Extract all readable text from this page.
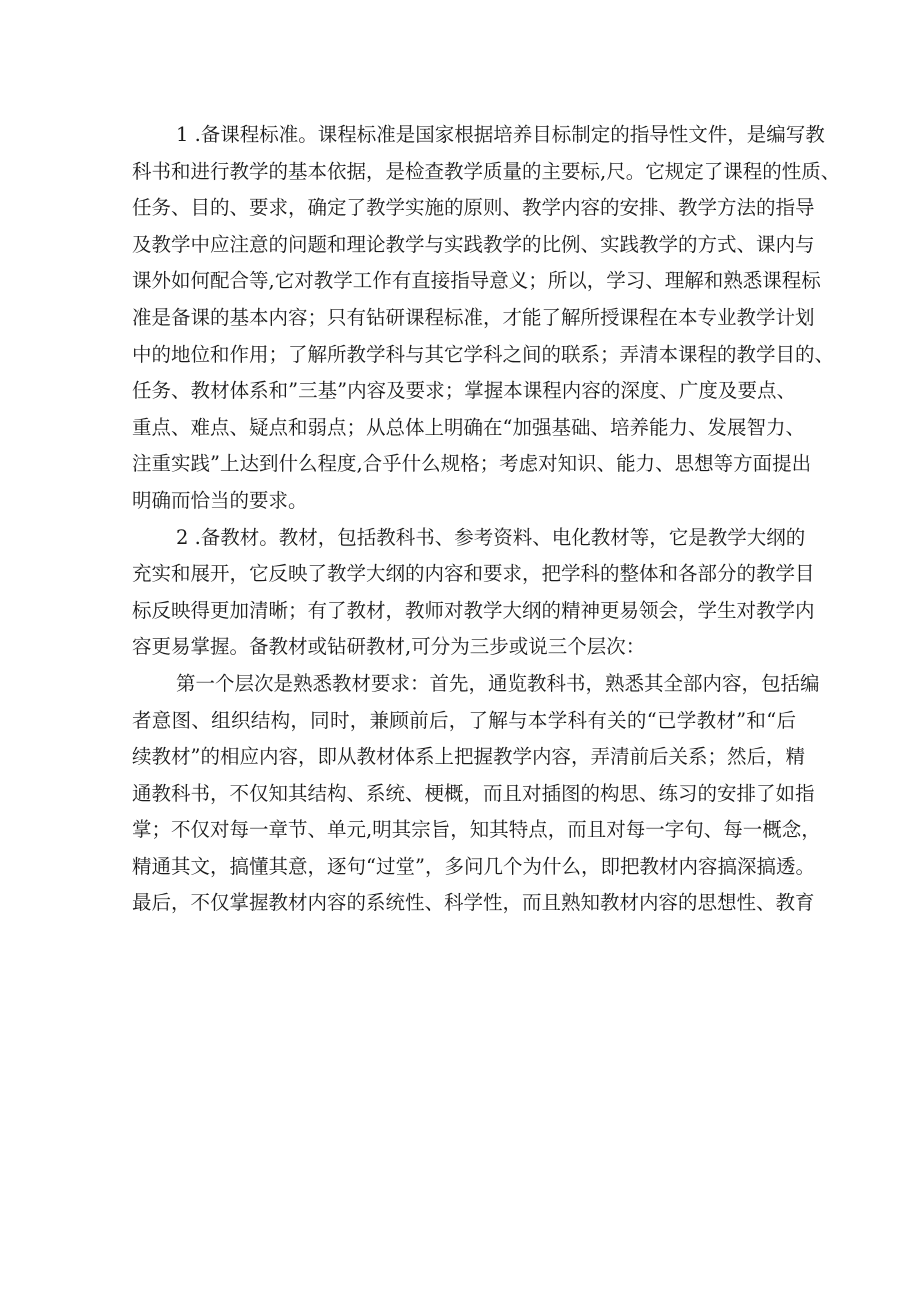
1 .备课程标准。课程标准是国家根据培养目标制定的指导性文件，是编写教
科书和进行教学的基本依据，是检查教学质量的主要标,尺。它规定了课程的性质、
任务、目的、要求，确定了教学实施的原则、教学内容的安排、教学方法的指导
及教学中应注意的问题和理论教学与实践教学的比例、实践教学的方式、课内与
课外如何配合等,它对教学工作有直接指导意义；所以，学习、理解和熟悉课程标
准是备课的基本内容；只有钻研课程标准，才能了解所授课程在本专业教学计划
中的地位和作用；了解所教学科与其它学科之间的联系；弄清本课程的教学目的、
任务、教材体系和”三基”内容及要求；掌握本课程内容的深度、广度及要点、
重点、难点、疑点和弱点；从总体上明确在“加强基础、培养能力、发展智力、
注重实践”上达到什么程度,合乎什么规格；考虑对知识、能力、思想等方面提出
明确而恰当的要求。
2 .备教材。教材，包括教科书、参考资料、电化教材等，它是教学大纲的
充实和展开，它反映了教学大纲的内容和要求，把学科的整体和各部分的教学目
标反映得更加清晰；有了教材，教师对教学大纲的精神更易领会，学生对教学内
容更易掌握。备教材或钻研教材,可分为三步或说三个层次：
第一个层次是熟悉教材要求：首先，通览教科书，熟悉其全部内容，包括编
者意图、组织结构，同时，兼顾前后，了解与本学科有关的“已学教材”和“后
续教材”的相应内容，即从教材体系上把握教学内容，弄清前后关系；然后，精
通教科书，不仅知其结构、系统、梗概，而且对插图的构思、练习的安排了如指
掌；不仅对每一章节、单元,明其宗旨，知其特点，而且对每一字句、每一概念，
精通其文，搞懂其意，逐句“过堂”，多问几个为什么，即把教材内容搞深搞透。
最后，不仅掌握教材内容的系统性、科学性，而且熟知教材内容的思想性、教育
